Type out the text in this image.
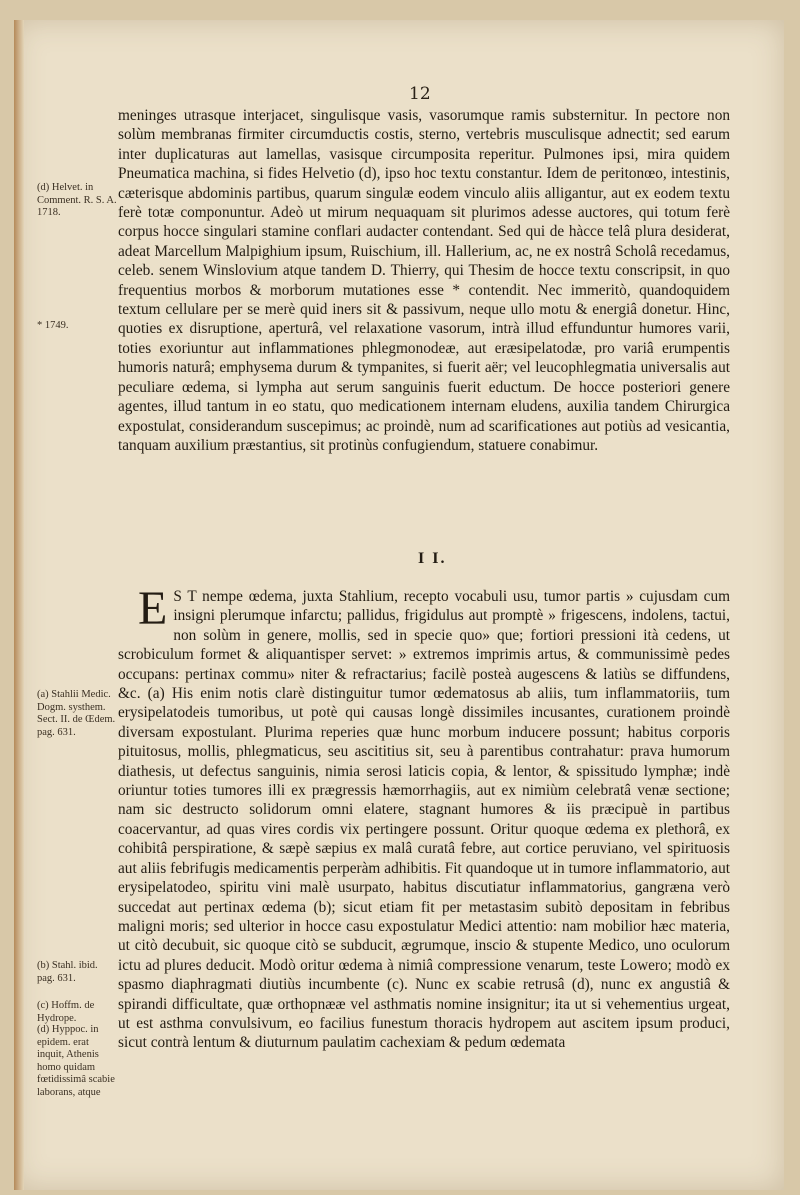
12

meninges utrasque interjacet, singulisque vasis, vasorumque ramis substernitur. In pectore non solùm membranas firmiter circumductis costis, sterno, vertebris musculisque adnectit; sed earum inter duplicaturas aut lamellas, vasisque circumposita reperitur. Pulmones ipsi, mira quidem Pneumatica machina, si fides Helvetio (d), ipso hoc textu constantur. Idem de peritonœo, intestinis, cæterisque abdominis partibus, quarum singulæ eodem vinculo aliis alligantur, aut ex eodem textu ferè totæ componuntur. Adeò ut mirum nequaquam sit plurimos adesse auctores, qui totum ferè corpus hocce singulari stamine conflari audacter contendant. Sed qui de hàcce telâ plura desiderat, adeat Marcellum Malpighium ipsum, Ruischium, ill. Hallerium, ac, ne ex nostrâ Scholâ recedamus, celeb. senem Winslovium atque tandem D. Thierry, qui Thesim de hocce textu conscripsit, in quo frequentius morbos & morborum mutationes esse * contendit. Nec immeritò, quandoquidem textum cellulare per se merè quid iners sit & passivum, neque ullo motu & energiâ donetur. Hinc, quoties ex disruptione, aperturâ, vel relaxatione vasorum, intrà illud effunduntur humores varii, toties exoriuntur aut inflammationes phlegmonodeæ, aut eræsipelatodæ, pro variâ erumpentis humoris naturâ; emphysema durum & tympanites, si fuerit aër; vel leucophlegmatia universalis aut peculiare œdema, si lympha aut serum sanguinis fuerit eductum. De hocce posteriori genere agentes, illud tantum in eo statu, quo medicationem internam eludens, auxilia tandem Chirurgica expostulat, considerandum suscepimus; ac proindè, num ad scarificationes aut potiùs ad vesicantia, tanquam auxilium præstantius, sit protinùs confugiendum, statuere conabimur.

I I.

E S T nempe œdema, juxta Stahlium, recepto vocabuli usu, tumor partis » cujusdam cum insigni plerumque infarctu; pallidus, frigidulus aut promptè » frigescens, indolens, tactui, non solùm in genere, mollis, sed in specie quo» que; fortiori pressioni ità cedens, ut scrobiculum formet & aliquantisper servet: » extremos imprimis artus, & communissimè pedes occupans: pertinax commu» niter & refractarius; facilè posteà augescens & latiùs se diffundens, &c. (a) His enim notis clarè distinguitur tumor œdematosus ab aliis, tum inflammatoriis, tum erysipelatodeis tumoribus, ut potè qui causas longè dissimiles incusantes, curationem proindè diversam expostulant. Plurima reperies quæ hunc morbum inducere possunt; habitus corporis pituitosus, mollis, phlegmaticus, seu ascititius sit, seu à parentibus contrahatur: prava humorum diathesis, ut defectus sanguinis, nimia serosi laticis copia, & lentor, & spissitudo lymphæ; indè oriuntur toties tumores illi ex prægressis hæmorrhagiis, aut ex nimiùm celebratâ venæ sectione; nam sic destructo solidorum omni elatere, stagnant humores & iis præcipuè in partibus coacervantur, ad quas vires cordis vix pertingere possunt. Oritur quoque œdema ex plethorâ, ex cohibitâ perspiratione, & sæpè sæpius ex malâ curatâ febre, aut cortice peruviano, vel spirituosis aut aliis febrifugis medicamentis perperàm adhibitis. Fit quandoque ut in tumore inflammatorio, aut erysipelatodeo, spiritu vini malè usurpato, habitus discutiatur inflammatorius, gangræna verò succedat aut pertinax œdema (b); sicut etiam fit per metastasim subitò depositam in febribus maligni moris; sed ulterior in hocce casu expostulatur Medici attentio: nam mobilior hæc materia, ut citò decubuit, sic quoque citò se subducit, ægrumque, inscio & stupente Medico, uno oculorum ictu ad plures deducit. Modò oritur œdema à nimiâ compressione venarum, teste Lowero; modò ex spasmo diaphragmati diutiùs incumbente (c). Nunc ex scabie retrusâ (d), nunc ex angustiâ & spirandi difficultate, quæ orthopnææ vel asthmatis nomine insignitur; ita ut si vehementius urgeat, ut est asthma convulsivum, eo facilius funestum thoracis hydropem aut ascitem ipsum produci, sicut contrà lentum & diuturnum paulatim cachexiam & pedum œdemata

(d) Helvet. in Comment. R. S. A. 1718.
* 1749.
(a) Stahlii Medic. Dogm. systhem. Sect. II. de Œdem. pag. 631.
(b) Stahl. ibid. pag. 631.
(c) Hoffm. de Hydrope.
(d) Hyppoc. in epidem. erat inquit, Athenis homo quidam fœtidissimâ scabie laborans, atque
